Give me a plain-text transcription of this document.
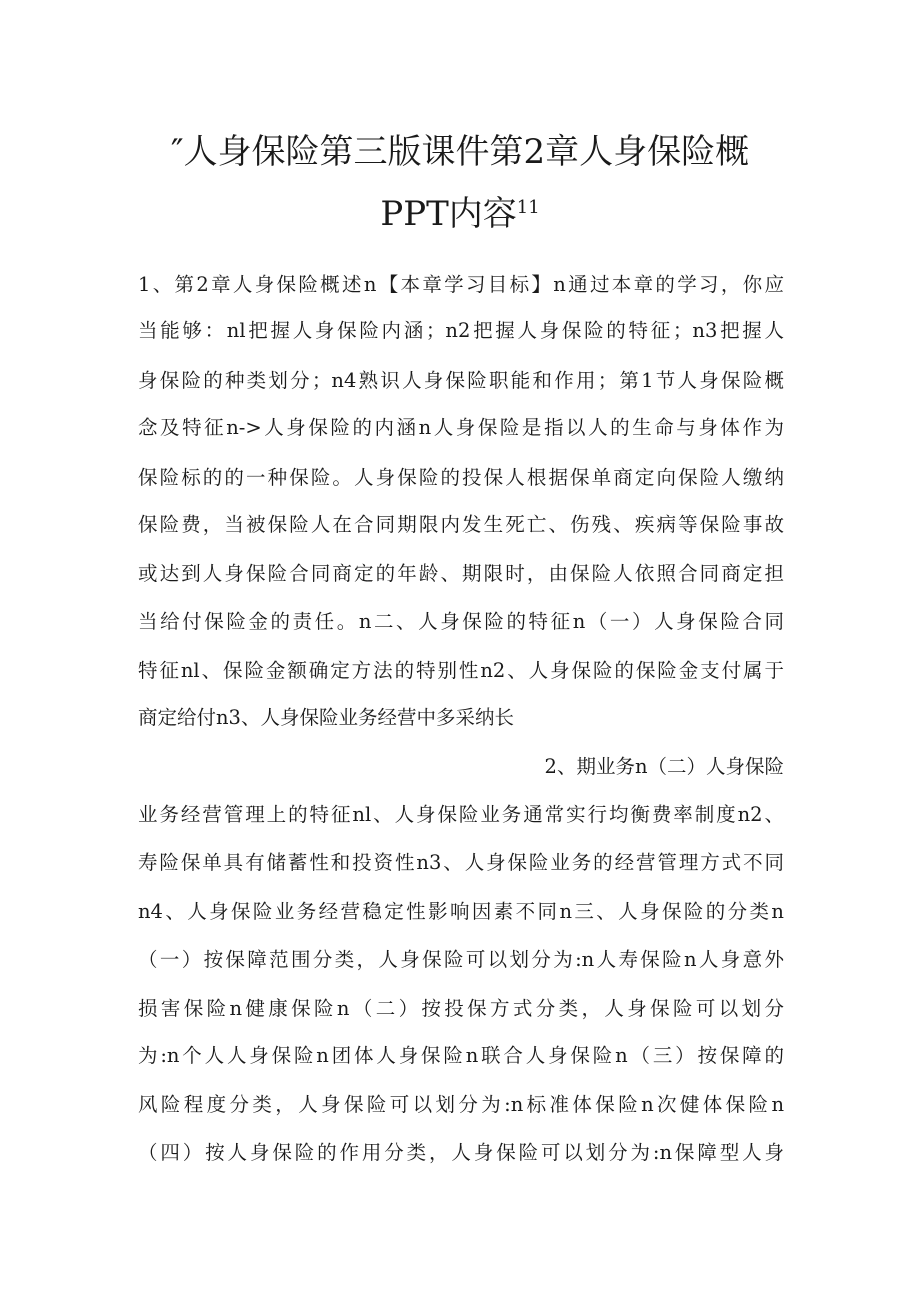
″人身保险第三版课件第2章人身保险概
PPT内容$^{11}$
1、第2章人身保险概述n【本章学习目标】n通过本章的学习，你应
当能够：nl把握人身保险内涵；n2把握人身保险的特征；n3把握人
身保险的种类划分；n4熟识人身保险职能和作用；第1节人身保险概
念及特征n->人身保险的内涵n人身保险是指以人的生命与身体作为
保险标的的一种保险。人身保险的投保人根据保单商定向保险人缴纳
保险费，当被保险人在合同期限内发生死亡、伤残、疾病等保险事故
或达到人身保险合同商定的年龄、期限时，由保险人依照合同商定担
当给付保险金的责任。n二、人身保险的特征n（一）人身保险合同
特征nl、保险金额确定方法的特别性n2、人身保险的保险金支付属于
商定给付n3、人身保险业务经营中多采纳长
2、期业务n（二）人身保险
业务经营管理上的特征nl、人身保险业务通常实行均衡费率制度n2、
寿险保单具有储蓄性和投资性n3、人身保险业务的经营管理方式不同
n4、人身保险业务经营稳定性影响因素不同n三、人身保险的分类n
（一）按保障范围分类，人身保险可以划分为:n人寿保险n人身意外
损害保险n健康保险n（二）按投保方式分类，人身保险可以划分
为:n个人人身保险n团体人身保险n联合人身保险n（三）按保障的
风险程度分类，人身保险可以划分为:n标准体保险n次健体保险n
（四）按人身保险的作用分类，人身保险可以划分为:n保障型人身
